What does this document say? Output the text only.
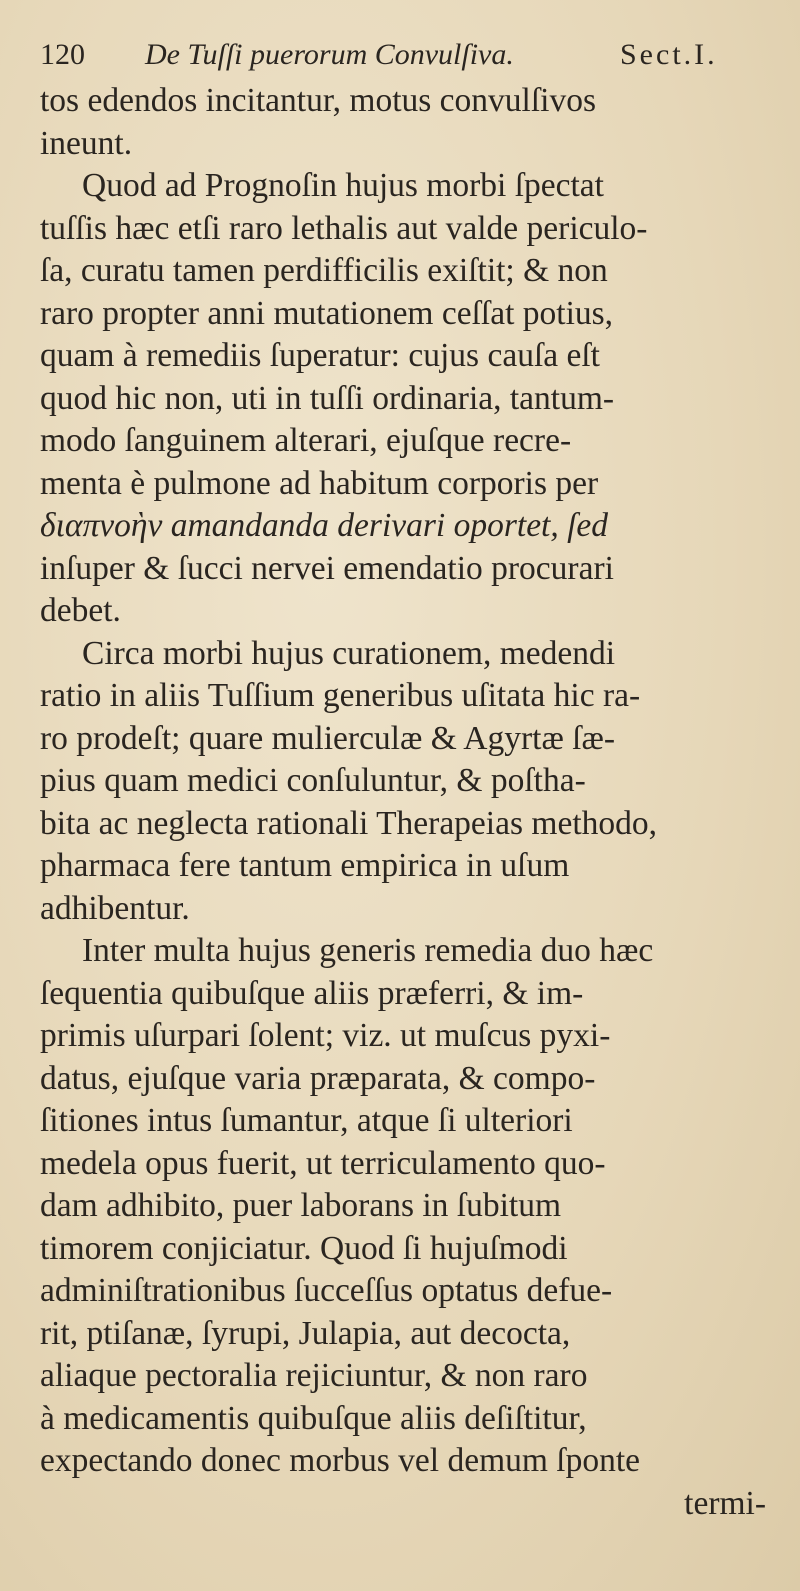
120 De Tuſſi puerorum Convulſiva.	Sect.I.
tos edendos incitantur, motus convulſivos
ineunt.
Quod ad Prognoſin hujus morbi ſpectat
tuſſis hæc etſi raro lethalis aut valde periculo-
ſa, curatu tamen perdifficilis exiſtit; & non
raro propter anni mutationem ceſſat potius,
quam à remediis ſuperatur: cujus cauſa eſt
quod hic non, uti in tuſſi ordinaria, tantum-
modo ſanguinem alterari, ejuſque recre-
menta è pulmone ad habitum corporis per
διαπνοὴν amandanda derivari oportet, ſed
inſuper & ſucci nervei emendatio procurari
debet.
Circa morbi hujus curationem, medendi
ratio in aliis Tuſſium generibus uſitata hic ra-
ro prodeſt; quare mulierculæ & Agyrtæ ſæ-
pius quam medici conſuluntur, & poſtha-
bita ac neglecta rationali Therapeias methodo,
pharmaca fere tantum empirica in uſum
adhibentur.
Inter multa hujus generis remedia duo hæc
ſequentia quibuſque aliis præferri, & im-
primis uſurpari ſolent; viz. ut muſcus pyxi-
datus, ejuſque varia præparata, & compo-
ſitiones intus ſumantur, atque ſi ulteriori
medela opus fuerit, ut terriculamento quo-
dam adhibito, puer laborans in ſubitum
timorem conjiciatur. Quod ſi hujuſmodi
adminiſtrationibus ſucceſſus optatus defue-
rit, ptiſanæ, ſyrupi, Julapia, aut decocta,
aliaque pectoralia rejiciuntur, & non raro
à medicamentis quibuſque aliis deſiſtitur,
expectando donec morbus vel demum ſponte
termi-
